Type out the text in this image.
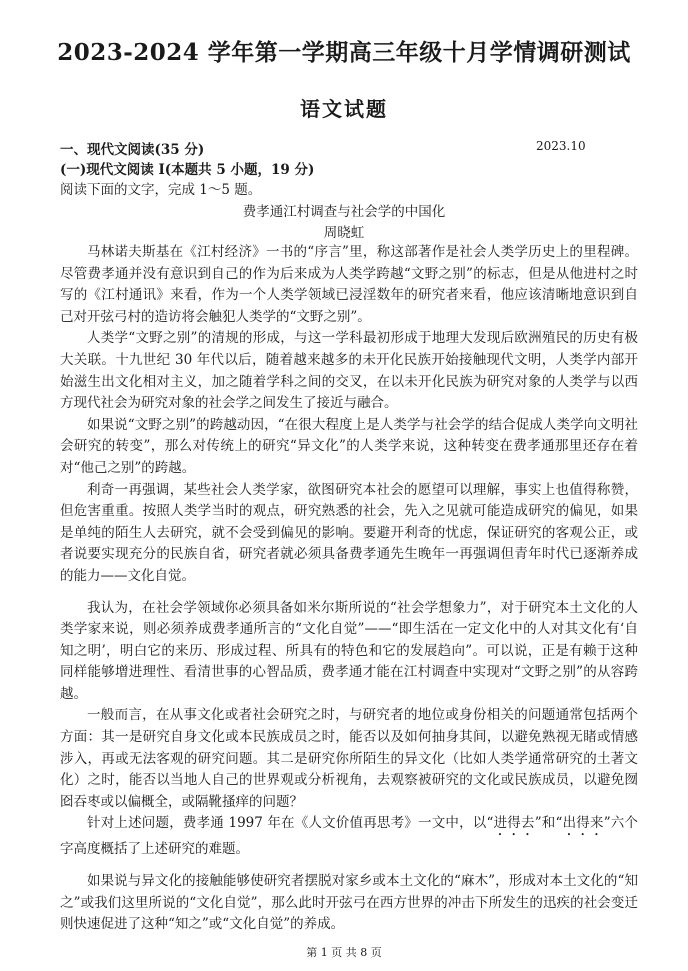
2023-2024 学年第一学期高三年级十月学情调研测试
语文试题
一、现代文阅读(35 分)	2023.10
(一)现代文阅读 I(本题共 5 小题，19 分)
阅读下面的文字，完成 1～5 题。
费孝通江村调查与社会学的中国化
周晓虹

马林诺夫斯基在《江村经济》一书的“序言”里，称这部著作是社会人类学历史上的里程碑。尽管费孝通并没有意识到自己的作为后来成为人类学跨越“文野之别”的标志，但是从他进村之时写的《江村通讯》来看，作为一个人类学领域已浸淫数年的研究者来看，他应该清晰地意识到自己对开弦弓村的造访将会触犯人类学的“文野之别”。

人类学“文野之别”的清规的形成，与这一学科最初形成于地理大发现后欧洲殖民的历史有极大关联。十九世纪 30 年代以后，随着越来越多的未开化民族开始接触现代文明，人类学内部开始滋生出文化相对主义，加之随着学科之间的交叉，在以未开化民族为研究对象的人类学与以西方现代社会为研究对象的社会学之间发生了接近与融合。

如果说“文野之别”的跨越动因，“在很大程度上是人类学与社会学的结合促成人类学向文明社会研究的转变”，那么对传统上的研究“异文化”的人类学来说，这种转变在费孝通那里还存在着对“他己之别”的跨越。

利奇一再强调，某些社会人类学家，欲图研究本社会的愿望可以理解，事实上也值得称赞，但危害重重。按照人类学当时的观点，研究熟悉的社会，先入之见就可能造成研究的偏见，如果是单纯的陌生人去研究，就不会受到偏见的影响。要避开利奇的忧虑，保证研究的客观公正，或者说要实现充分的民族自省，研究者就必须具备费孝通先生晚年一再强调但青年时代已逐渐养成的能力——文化自觉。

我认为，在社会学领域你必须具备如米尔斯所说的“社会学想象力”，对于研究本土文化的人类学家来说，则必须养成费孝通所言的“文化自觉”——“即生活在一定文化中的人对其文化有‘自知之明’，明白它的来历、形成过程、所具有的特色和它的发展趋向”。可以说，正是有赖于这种同样能够增进理性、看清世事的心智品质，费孝通才能在江村调查中实现对“文野之别”的从容跨越。

一般而言，在从事文化或者社会研究之时，与研究者的地位或身份相关的问题通常包括两个方面：其一是研究自身文化或本民族成员之时，能否以及如何抽身其间，以避免熟视无睹或情感涉入，再或无法客观的研究问题。其二是研究你所陌生的异文化（比如人类学通常研究的土著文化）之时，能否以当地人自己的世界观或分析视角，去观察被研究的文化或民族成员，以避免囫囵吞枣或以偏概全，或隔靴搔痒的问题？

针对上述问题，费孝通 1997 年在《人文价值再思考》一文中，以“进得去”和“出得来”六个字高度概括了上述研究的难题。

如果说与异文化的接触能够使研究者摆脱对家乡或本土文化的“麻木”，形成对本土文化的“知之”或我们这里所说的“文化自觉”，那么此时开弦弓在西方世界的冲击下所发生的迅疾的社会变迁则快速促进了这种“知之”或“文化自觉”的养成。

第 1 页 共 8 页
